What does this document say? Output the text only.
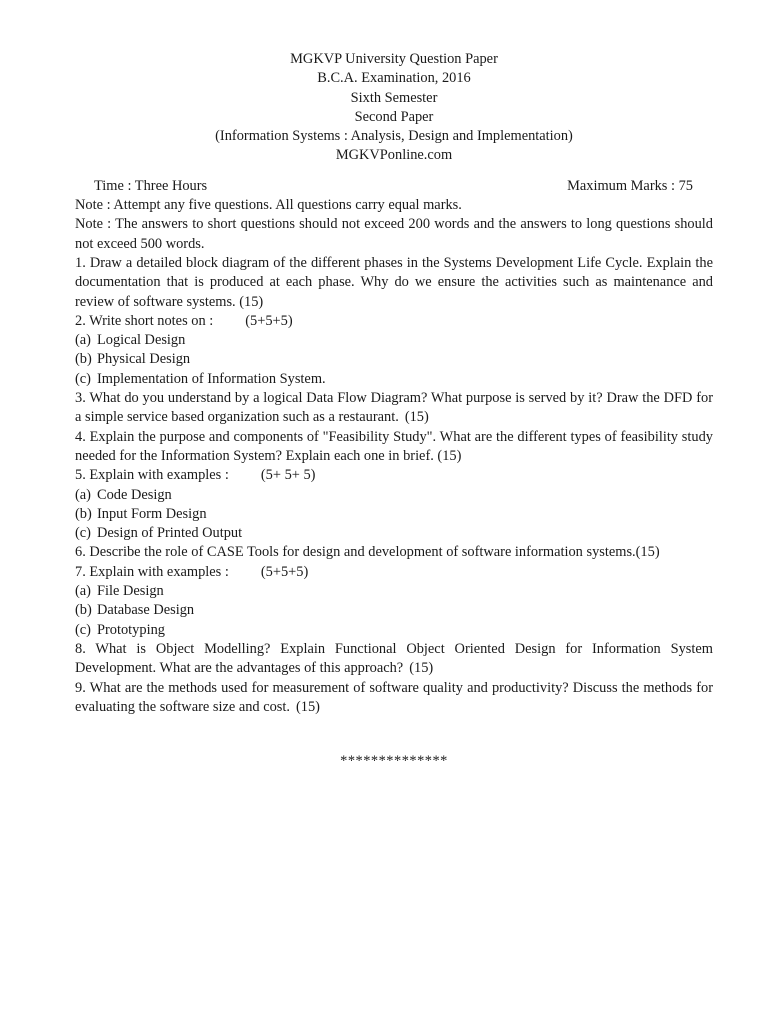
MGKVP University Question Paper
B.C.A. Examination, 2016
Sixth Semester
Second Paper
(Information Systems : Analysis, Design and Implementation)
MGKVPonline.com
Time : Three Hours	Maximum Marks : 75
Note : Attempt any five questions. All questions carry equal marks.
Note : The answers to short questions should not exceed 200 words and the answers to long questions should not exceed 500 words.
1. Draw a detailed block diagram of the different phases in the Systems Development Life Cycle. Explain the documentation that is produced at each phase. Why do we ensure the activities such as maintenance and review of software systems. (15)
2. Write short notes on : (5+5+5)
(a) Logical Design
(b) Physical Design
(c) Implementation of Information System.
3. What do you understand by a logical Data Flow Diagram? What purpose is served by it? Draw the DFD for a simple service based organization such as a restaurant. (15)
4. Explain the purpose and components of "Feasibility Study". What are the different types of feasibility study needed for the Information System? Explain each one in brief. (15)
5. Explain with examples : (5+ 5+ 5)
(a) Code Design
(b) Input Form Design
(c) Design of Printed Output
6. Describe the role of CASE Tools for design and development of software information systems.(15)
7. Explain with examples : (5+5+5)
(a) File Design
(b) Database Design
(c) Prototyping
8. What is Object Modelling? Explain Functional Object Oriented Design for Information System Development. What are the advantages of this approach? (15)
9. What are the methods used for measurement of software quality and productivity? Discuss the methods for evaluating the software size and cost. (15)
**************
